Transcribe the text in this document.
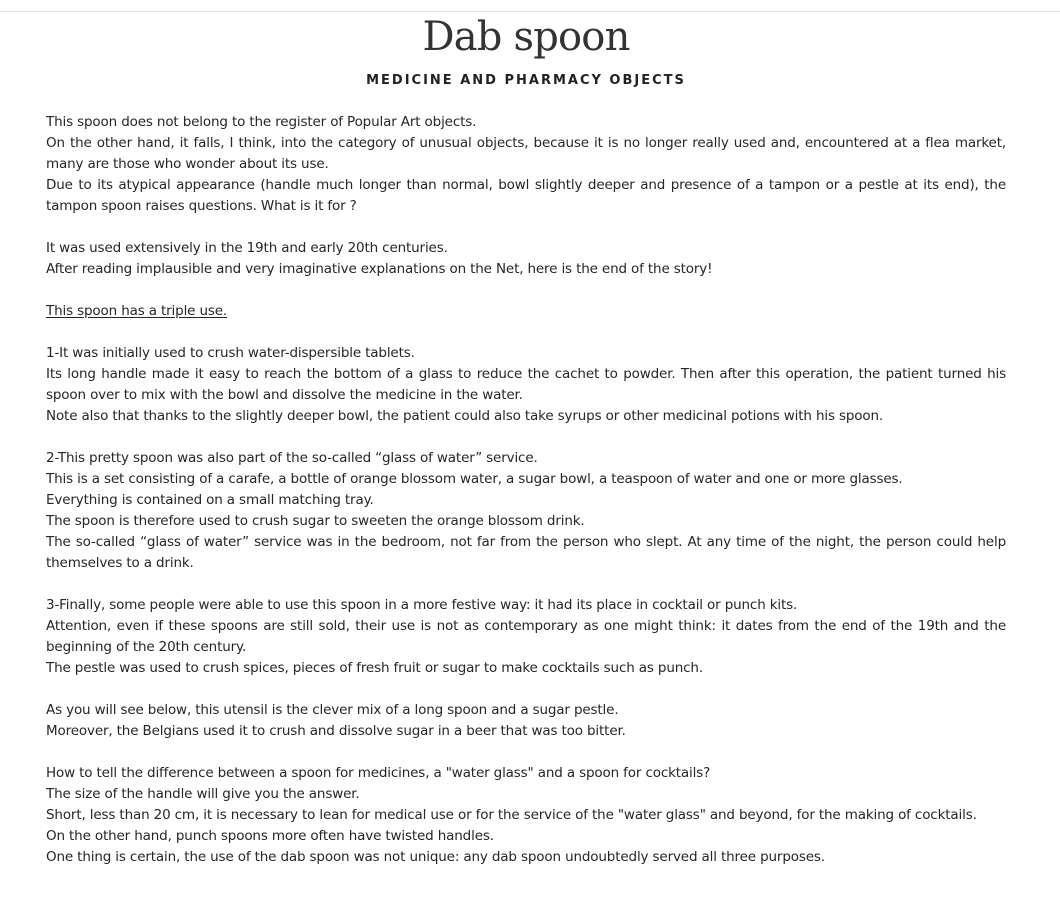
Dab spoon
MEDICINE AND PHARMACY OBJECTS

This spoon does not belong to the register of Popular Art objects.
On the other hand, it falls, I think, into the category of unusual objects, because it is no longer really used and, encountered at a flea market, many are those who wonder about its use.
Due to its atypical appearance (handle much longer than normal, bowl slightly deeper and presence of a tampon or a pestle at its end), the tampon spoon raises questions. What is it for ?

It was used extensively in the 19th and early 20th centuries.
After reading implausible and very imaginative explanations on the Net, here is the end of the story!

This spoon has a triple use.

1-It was initially used to crush water-dispersible tablets.
Its long handle made it easy to reach the bottom of a glass to reduce the cachet to powder. Then after this operation, the patient turned his spoon over to mix with the bowl and dissolve the medicine in the water.
Note also that thanks to the slightly deeper bowl, the patient could also take syrups or other medicinal potions with his spoon.

2-This pretty spoon was also part of the so-called “glass of water” service.
This is a set consisting of a carafe, a bottle of orange blossom water, a sugar bowl, a teaspoon of water and one or more glasses.
Everything is contained on a small matching tray.
The spoon is therefore used to crush sugar to sweeten the orange blossom drink.
The so-called “glass of water” service was in the bedroom, not far from the person who slept. At any time of the night, the person could help themselves to a drink.

3-Finally, some people were able to use this spoon in a more festive way: it had its place in cocktail or punch kits.
Attention, even if these spoons are still sold, their use is not as contemporary as one might think: it dates from the end of the 19th and the beginning of the 20th century.
The pestle was used to crush spices, pieces of fresh fruit or sugar to make cocktails such as punch.

As you will see below, this utensil is the clever mix of a long spoon and a sugar pestle.
Moreover, the Belgians used it to crush and dissolve sugar in a beer that was too bitter.

How to tell the difference between a spoon for medicines, a "water glass" and a spoon for cocktails?
The size of the handle will give you the answer.
Short, less than 20 cm, it is necessary to lean for medical use or for the service of the "water glass" and beyond, for the making of cocktails.
On the other hand, punch spoons more often have twisted handles.
One thing is certain, the use of the dab spoon was not unique: any dab spoon undoubtedly served all three purposes.
